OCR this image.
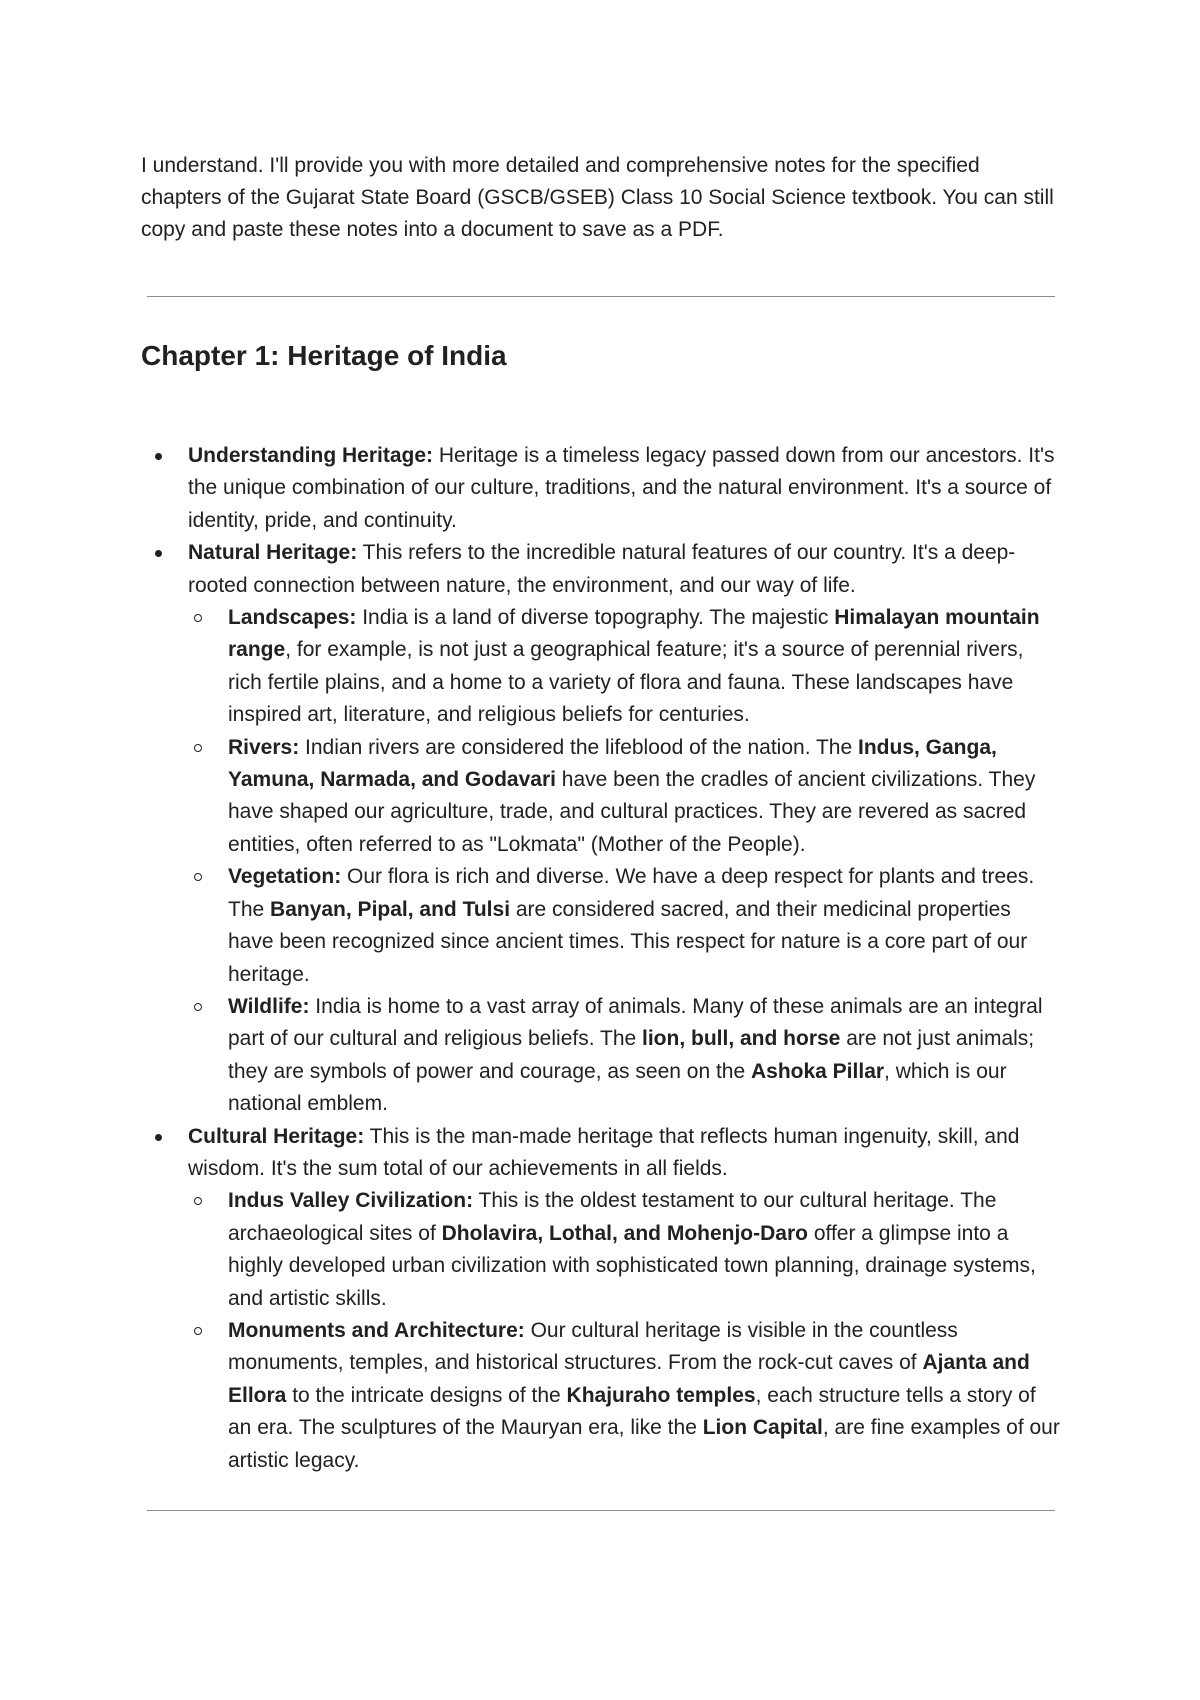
I understand. I'll provide you with more detailed and comprehensive notes for the specified chapters of the Gujarat State Board (GSCB/GSEB) Class 10 Social Science textbook. You can still copy and paste these notes into a document to save as a PDF.

Chapter 1: Heritage of India
Understanding Heritage: Heritage is a timeless legacy passed down from our ancestors. It's the unique combination of our culture, traditions, and the natural environment. It's a source of identity, pride, and continuity.
Natural Heritage: This refers to the incredible natural features of our country. It's a deep-rooted connection between nature, the environment, and our way of life.
Landscapes: India is a land of diverse topography. The majestic Himalayan mountain range, for example, is not just a geographical feature; it's a source of perennial rivers, rich fertile plains, and a home to a variety of flora and fauna. These landscapes have inspired art, literature, and religious beliefs for centuries.
Rivers: Indian rivers are considered the lifeblood of the nation. The Indus, Ganga, Yamuna, Narmada, and Godavari have been the cradles of ancient civilizations. They have shaped our agriculture, trade, and cultural practices. They are revered as sacred entities, often referred to as "Lokmata" (Mother of the People).
Vegetation: Our flora is rich and diverse. We have a deep respect for plants and trees. The Banyan, Pipal, and Tulsi are considered sacred, and their medicinal properties have been recognized since ancient times. This respect for nature is a core part of our heritage.
Wildlife: India is home to a vast array of animals. Many of these animals are an integral part of our cultural and religious beliefs. The lion, bull, and horse are not just animals; they are symbols of power and courage, as seen on the Ashoka Pillar, which is our national emblem.
Cultural Heritage: This is the man-made heritage that reflects human ingenuity, skill, and wisdom. It's the sum total of our achievements in all fields.
Indus Valley Civilization: This is the oldest testament to our cultural heritage. The archaeological sites of Dholavira, Lothal, and Mohenjo-Daro offer a glimpse into a highly developed urban civilization with sophisticated town planning, drainage systems, and artistic skills.
Monuments and Architecture: Our cultural heritage is visible in the countless monuments, temples, and historical structures. From the rock-cut caves of Ajanta and Ellora to the intricate designs of the Khajuraho temples, each structure tells a story of an era. The sculptures of the Mauryan era, like the Lion Capital, are fine examples of our artistic legacy.
